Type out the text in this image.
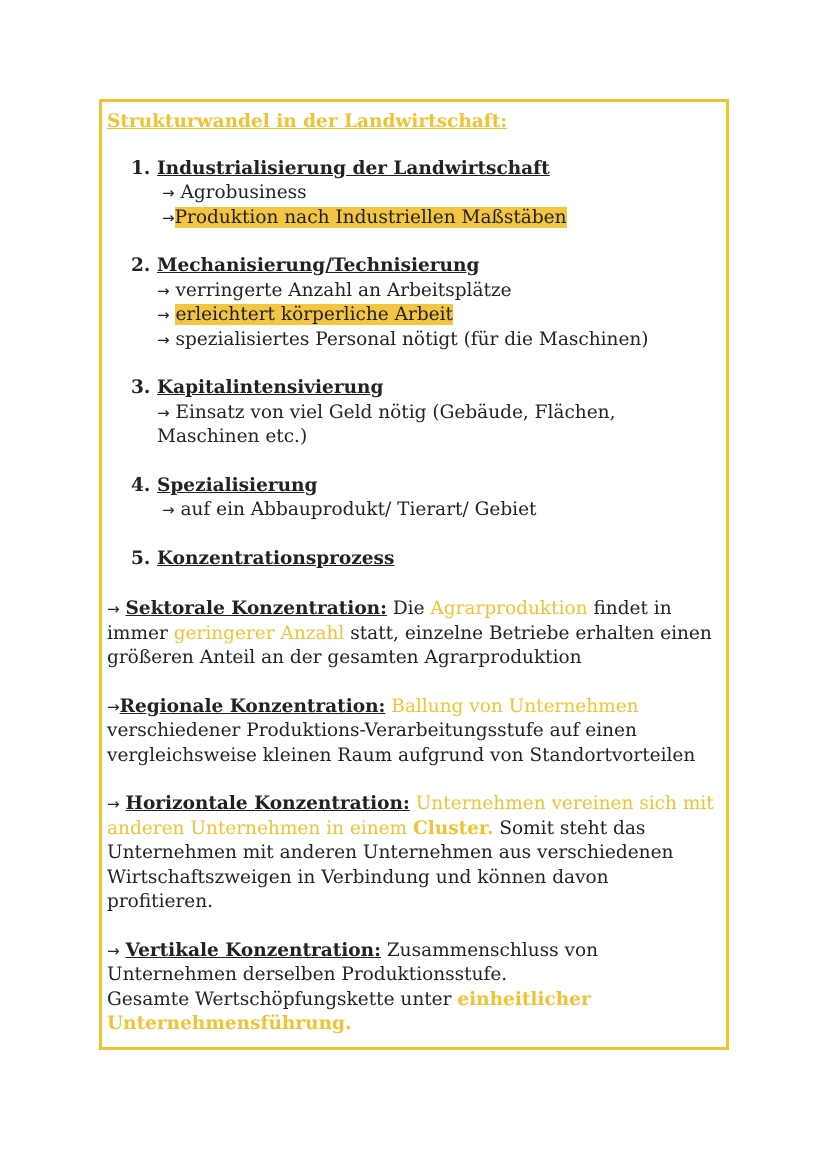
Strukturwandel in der Landwirtschaft:
1. Industrialisierung der Landwirtschaft
→ Agrobusiness
→Produktion nach Industriellen Maßstäben
2. Mechanisierung/Technisierung
→ verringerte Anzahl an Arbeitsplätze
→ erleichtert körperliche Arbeit
→ spezialisiertes Personal nötigt (für die Maschinen)
3. Kapitalintensivierung
→ Einsatz von viel Geld nötig (Gebäude, Flächen, Maschinen etc.)
4. Spezialisierung
→ auf ein Abbauprodukt/ Tierart/ Gebiet
5. Konzentrationsprozess
→ Sektorale Konzentration: Die Agrarproduktion findet in immer geringerer Anzahl statt, einzelne Betriebe erhalten einen größeren Anteil an der gesamten Agrarproduktion
→Regionale Konzentration: Ballung von Unternehmen verschiedener Produktions-Verarbeitungsstufe auf einen vergleichsweise kleinen Raum aufgrund von Standortvorteilen
→ Horizontale Konzentration: Unternehmen vereinen sich mit anderen Unternehmen in einem Cluster. Somit steht das Unternehmen mit anderen Unternehmen aus verschiedenen Wirtschaftszweigen in Verbindung und können davon profitieren.
→ Vertikale Konzentration: Zusammenschluss von Unternehmen derselben Produktionsstufe.
Gesamte Wertschöpfungskette unter einheitlicher Unternehmensführung.
